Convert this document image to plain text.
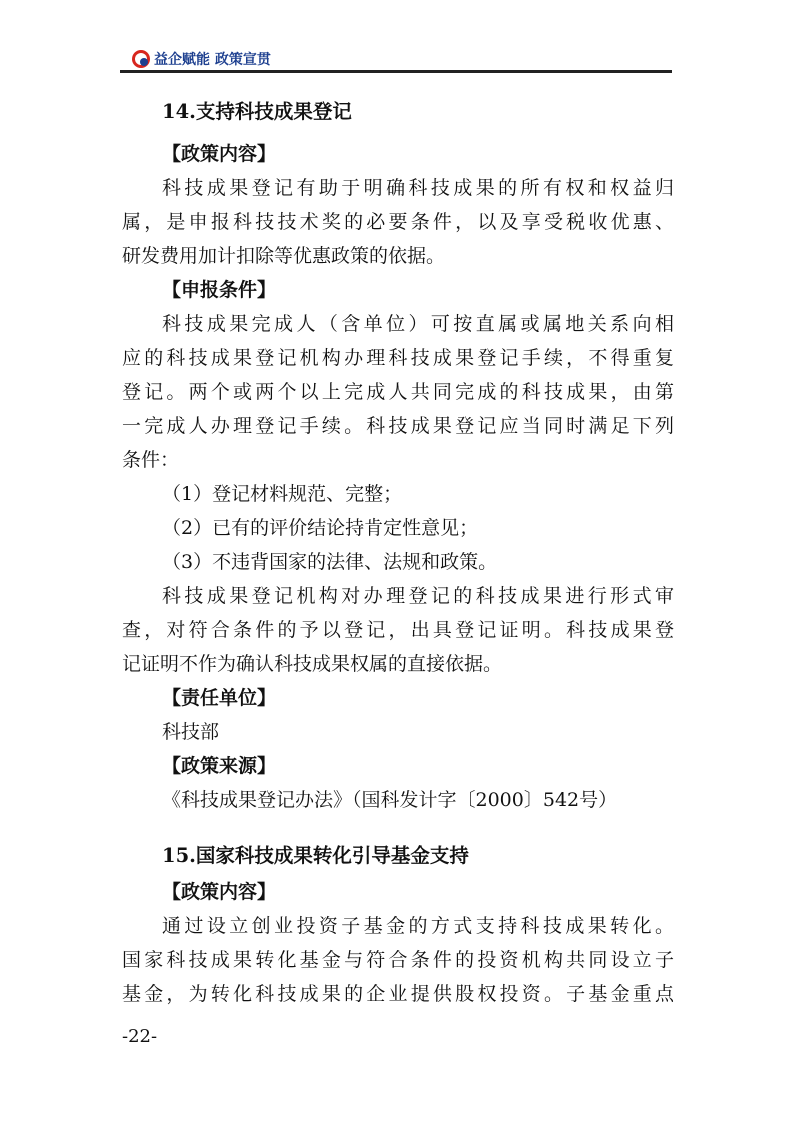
益企赋能 政策宣贯
14.支持科技成果登记
【政策内容】
科技成果登记有助于明确科技成果的所有权和权益归
属，是申报科技技术奖的必要条件，以及享受税收优惠、
研发费用加计扣除等优惠政策的依据。
【申报条件】
科技成果完成人（含单位）可按直属或属地关系向相
应的科技成果登记机构办理科技成果登记手续，不得重复
登记。两个或两个以上完成人共同完成的科技成果，由第
一完成人办理登记手续。科技成果登记应当同时满足下列
条件：
（1）登记材料规范、完整；
（2）已有的评价结论持肯定性意见；
（3）不违背国家的法律、法规和政策。
科技成果登记机构对办理登记的科技成果进行形式审
查，对符合条件的予以登记，出具登记证明。科技成果登
记证明不作为确认科技成果权属的直接依据。
【责任单位】
科技部
【政策来源】
《科技成果登记办法》（国科发计字〔2000〕542号）
15.国家科技成果转化引导基金支持
【政策内容】
通过设立创业投资子基金的方式支持科技成果转化。
国家科技成果转化基金与符合条件的投资机构共同设立子
基金，为转化科技成果的企业提供股权投资。子基金重点
-22-
